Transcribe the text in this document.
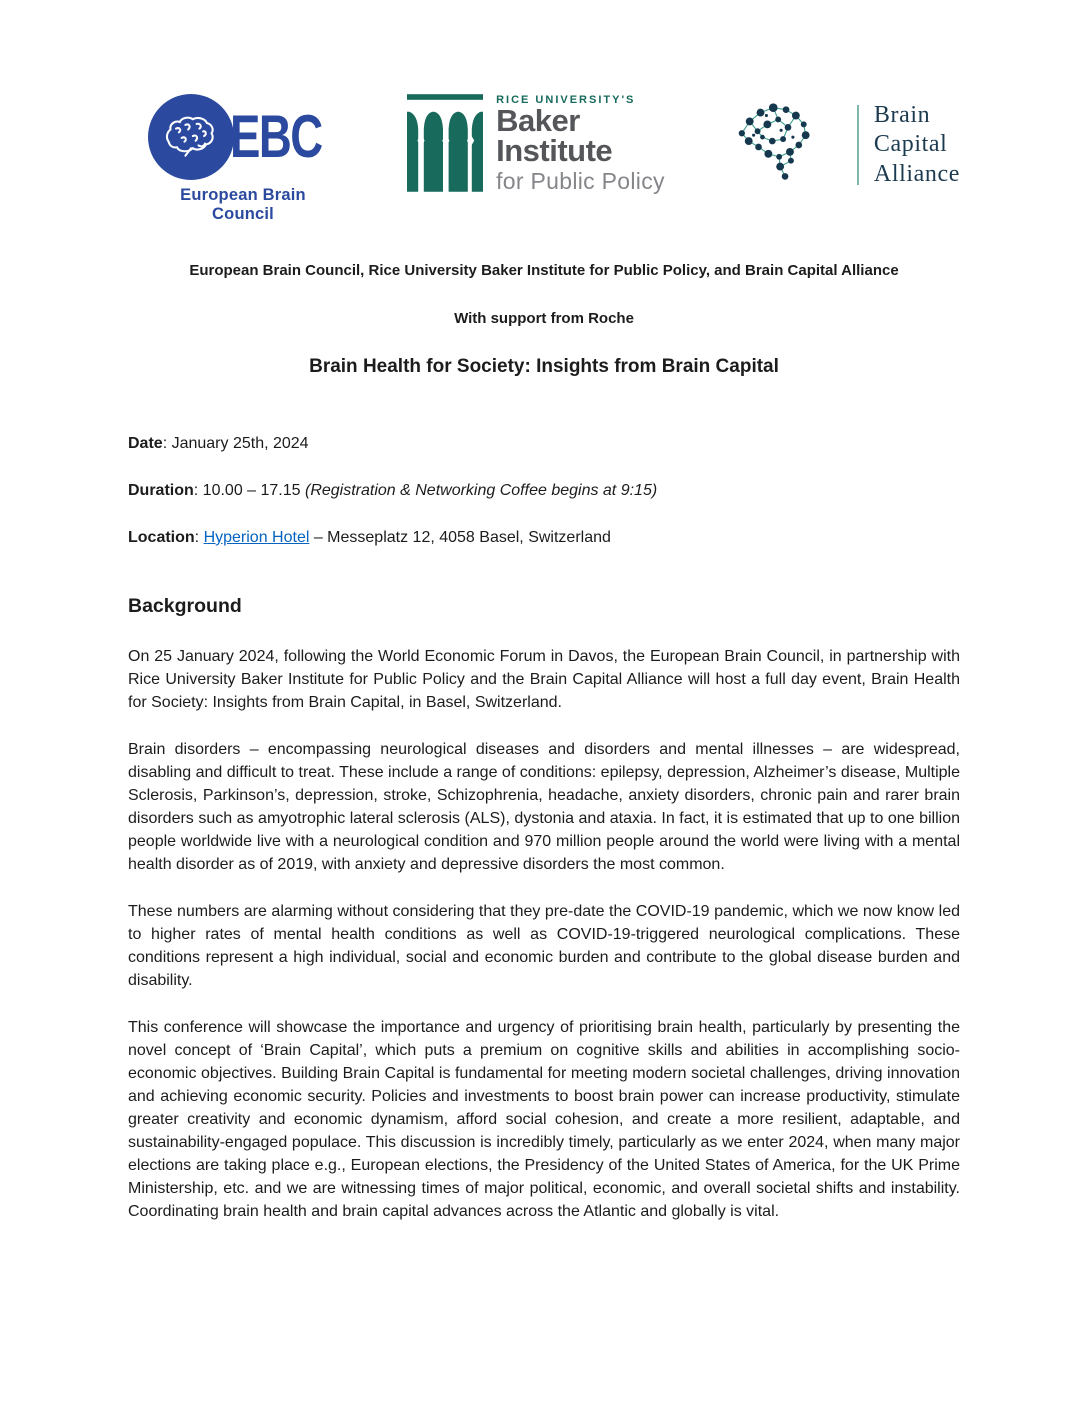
EBC
European Brain Council
RICE UNIVERSITY'S
Baker
Institute
for Public Policy
Brain
Capital
Alliance
European Brain Council, Rice University Baker Institute for Public Policy, and Brain Capital Alliance
With support from Roche
Brain Health for Society: Insights from Brain Capital

Date: January 25th, 2024

Duration: 10.00 – 17.15 (Registration & Networking Coffee begins at 9:15)

Location: Hyperion Hotel – Messeplatz 12, 4058 Basel, Switzerland

Background

On 25 January 2024, following the World Economic Forum in Davos, the European Brain Council, in partnership with Rice University Baker Institute for Public Policy and the Brain Capital Alliance will host a full day event, Brain Health for Society: Insights from Brain Capital, in Basel, Switzerland.

Brain disorders – encompassing neurological diseases and disorders and mental illnesses – are widespread, disabling and difficult to treat. These include a range of conditions: epilepsy, depression, Alzheimer’s disease, Multiple Sclerosis, Parkinson’s, depression, stroke, Schizophrenia, headache, anxiety disorders, chronic pain and rarer brain disorders such as amyotrophic lateral sclerosis (ALS), dystonia and ataxia. In fact, it is estimated that up to one billion people worldwide live with a neurological condition and 970 million people around the world were living with a mental health disorder as of 2019, with anxiety and depressive disorders the most common.

These numbers are alarming without considering that they pre-date the COVID-19 pandemic, which we now know led to higher rates of mental health conditions as well as COVID-19-triggered neurological complications. These conditions represent a high individual, social and economic burden and contribute to the global disease burden and disability.

This conference will showcase the importance and urgency of prioritising brain health, particularly by presenting the novel concept of ‘Brain Capital’, which puts a premium on cognitive skills and abilities in accomplishing socio-economic objectives. Building Brain Capital is fundamental for meeting modern societal challenges, driving innovation and achieving economic security. Policies and investments to boost brain power can increase productivity, stimulate greater creativity and economic dynamism, afford social cohesion, and create a more resilient, adaptable, and sustainability-engaged populace. This discussion is incredibly timely, particularly as we enter 2024, when many major elections are taking place e.g., European elections, the Presidency of the United States of America, for the UK Prime Ministership, etc. and we are witnessing times of major political, economic, and overall societal shifts and instability. Coordinating brain health and brain capital advances across the Atlantic and globally is vital.
